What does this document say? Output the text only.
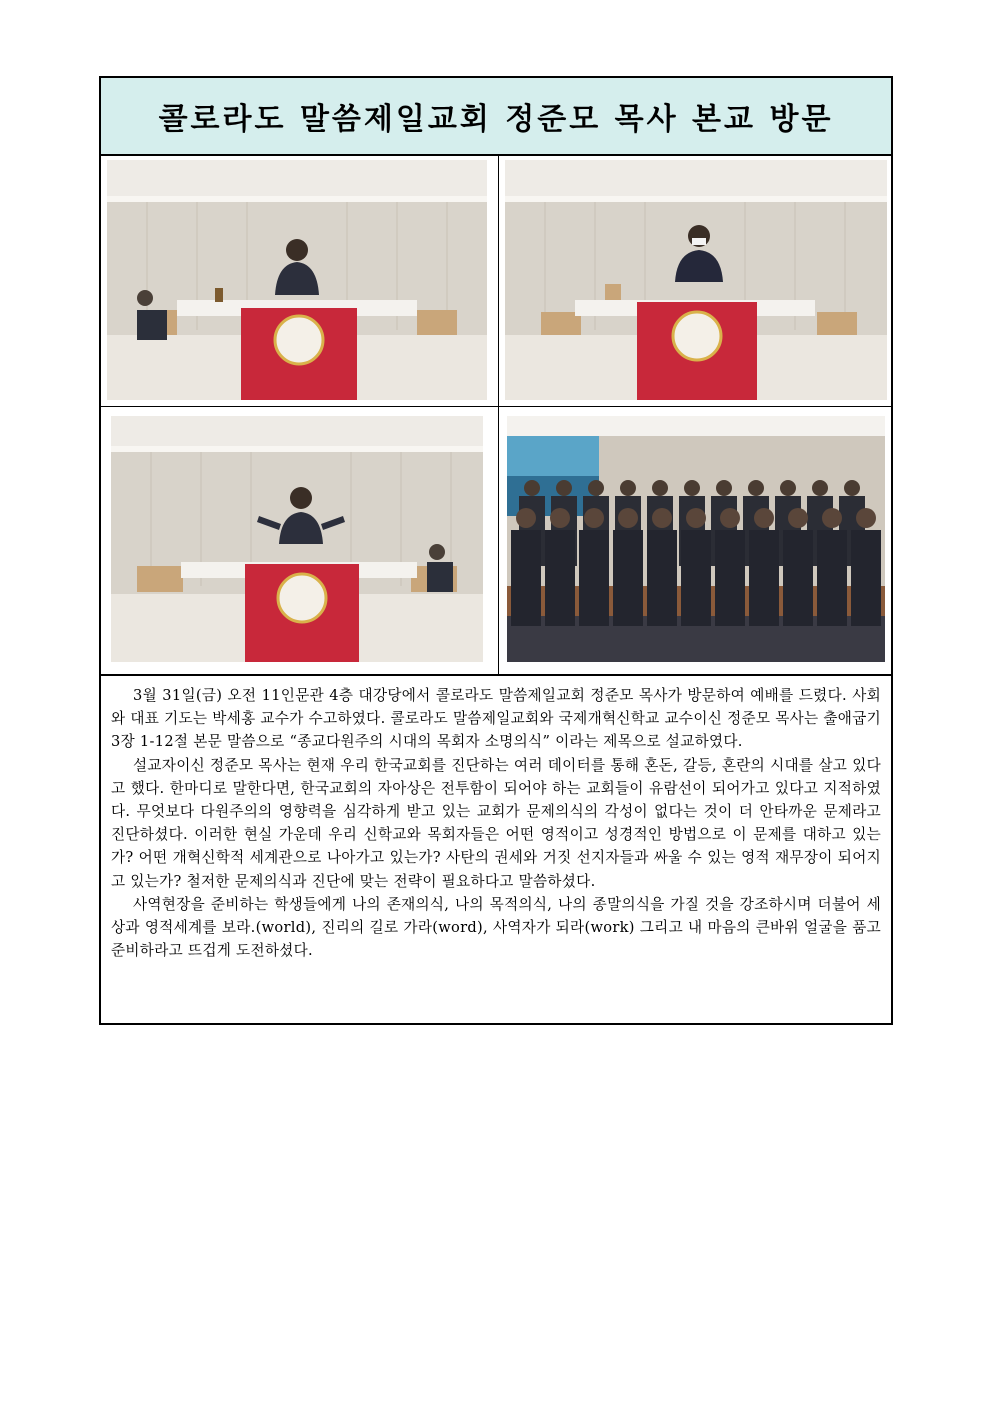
콜로라도 말씀제일교회 정준모 목사 본교 방문

3월 31일(금) 오전 11인문관 4층 대강당에서 콜로라도 말씀제일교회 정준모 목사가 방문하여 예배를 드렸다. 사회와 대표 기도는 박세홍 교수가 수고하였다. 콜로라도 말씀제일교회와 국제개혁신학교 교수이신 정준모 목사는 출애굽기 3장 1-12절 본문 말씀으로 “종교다원주의 시대의 목회자 소명의식” 이라는 제목으로 설교하였다.

설교자이신 정준모 목사는 현재 우리 한국교회를 진단하는 여러 데이터를 통해 혼돈, 갈등, 혼란의 시대를 살고 있다고 했다. 한마디로 말한다면, 한국교회의 자아상은 전투함이 되어야 하는 교회들이 유람선이 되어가고 있다고 지적하였다. 무엇보다 다원주의의 영향력을 심각하게 받고 있는 교회가 문제의식의 각성이 없다는 것이 더 안타까운 문제라고 진단하셨다. 이러한 현실 가운데 우리 신학교와 목회자들은 어떤 영적이고 성경적인 방법으로 이 문제를 대하고 있는가? 어떤 개혁신학적 세계관으로 나아가고 있는가? 사탄의 권세와 거짓 선지자들과 싸울 수 있는 영적 재무장이 되어지고 있는가? 철저한 문제의식과 진단에 맞는 전략이 필요하다고 말씀하셨다.

사역현장을 준비하는 학생들에게 나의 존재의식, 나의 목적의식, 나의 종말의식을 가질 것을 강조하시며 더불어 세상과 영적세계를 보라.(world), 진리의 길로 가라(word), 사역자가 되라(work) 그리고 내 마음의 큰바위 얼굴을 품고 준비하라고 뜨겁게 도전하셨다.
